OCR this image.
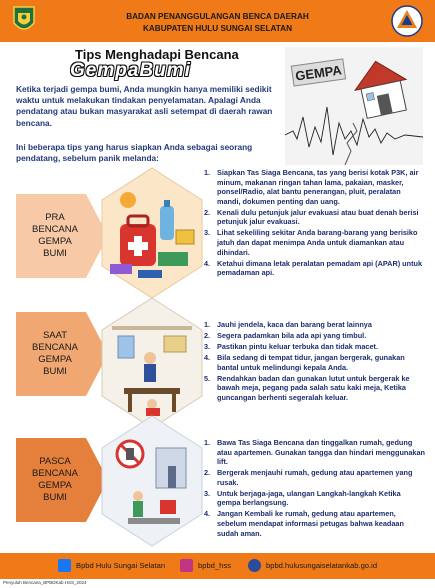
BADAN PENANGGULANGAN BENCA DAERAH
KABUPATEN HULU SUNGAI SELATAN
Tips Menghadapi Bencana
GempaBumi	GEMPA
Ketika terjadi gempa bumi, Anda mungkin hanya memiliki sedikit waktu untuk melakukan tindakan penyelamatan. Apalagi Anda pendatang atau bukan masyarakat asli setempat di daerah rawan bencana.
Ini beberapa tips yang harus siapkan Anda sebagai seorang pendatang, sebelum panik melanda:
PRA
BENCANA
GEMPA
BUMI
1. Siapkan Tas Siaga Bencana, tas yang berisi kotak P3K, air minum, makanan ringan tahan lama, pakaian, masker, ponsel/Radio, alat bantu penerangan, pluit, peralatan mandi, dokumen penting dan uang.
2. Kenali dulu petunjuk jalur evakuasi atau buat denah berisi petunjuk jalur evakuasi.
3. Lihat sekeliling sekitar Anda barang-barang yang berisiko jatuh dan dapat menimpa Anda untuk diamankan atau dihindari.
4. Ketahui dimana letak peralatan pemadam api (APAR) untuk pemadaman api.
SAAT
BENCANA
GEMPA
BUMI
1. Jauhi jendela, kaca dan barang berat lainnya
2. Segera padamkan bila ada api yang timbul.
3. Pastikan pintu keluar terbuka dan tidak macet.
4. Bila sedang di tempat tidur, jangan bergerak, gunakan bantal untuk melindungi kepala Anda.
5. Rendahkan badan dan gunakan lutut untuk bergerak ke bawah meja, pegang pada salah satu kaki meja, Ketika guncangan berhenti segeralah keluar.
PASCA
BENCANA
GEMPA
BUMI
1. Bawa Tas Siaga Bencana dan tinggalkan rumah, gedung atau apartemen. Gunakan tangga dan hindari menggunakan lift.
2. Bergerak menjauhi rumah, gedung atau apartemen yang rusak.
3. Untuk berjaga-jaga, ulangan Langkah-langkah Ketika gempa berlangsung.
4. Jangan Kembali ke rumah, gedung atau apartemen, sebelum mendapat informasi petugas bahwa keadaan sudah aman.
Bpbd Hulu Sungai Selatan	bpbd_hss	bpbd.hulusungaiselatankab.go.id
Penyuluh Bencana_BPBDKab.HSS_2024
